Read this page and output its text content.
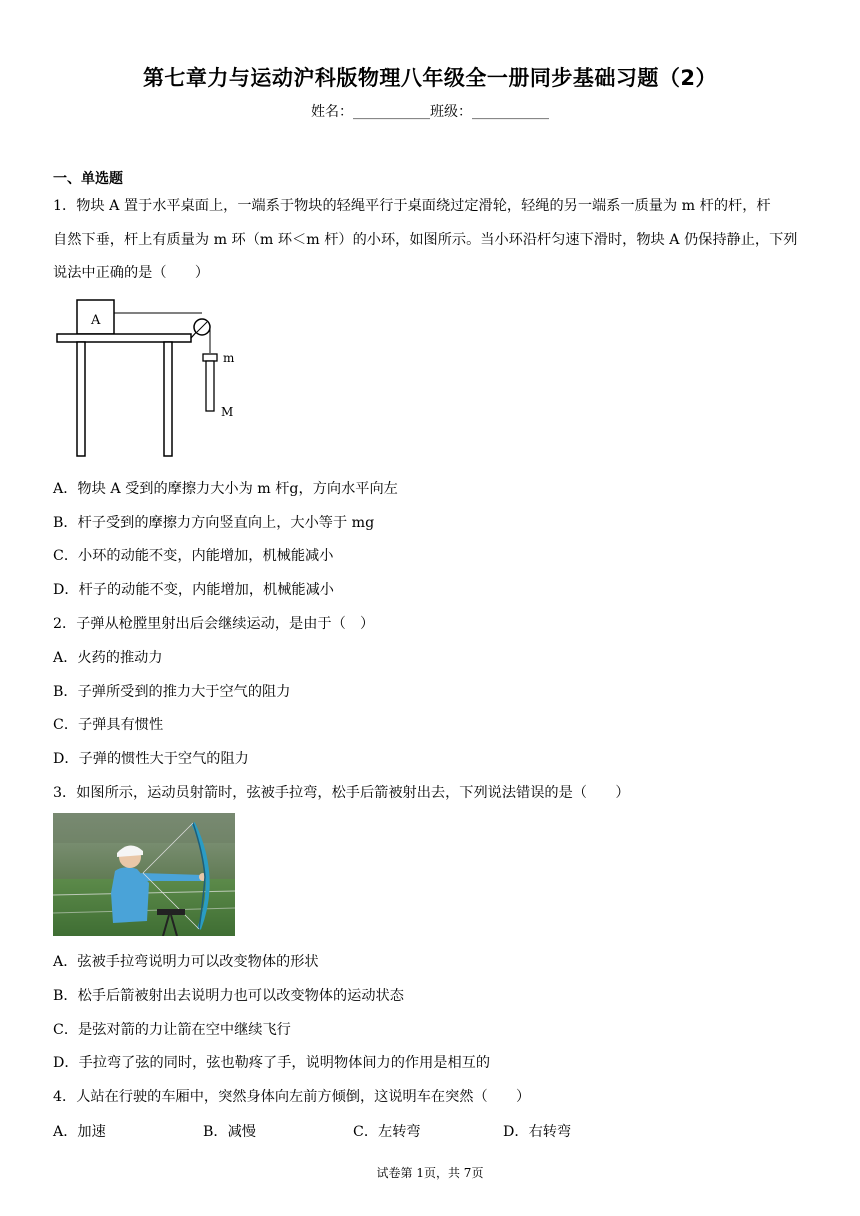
第七章力与运动沪科版物理八年级全一册同步基础习题（2）
姓名：___________班级：___________
一、单选题
1．物块 A 置于水平桌面上，一端系于物块的轻绳平行于桌面绕过定滑轮，轻绳的另一端系一质量为 m 杆的杆，杆
自然下垂，杆上有质量为 m 环（m 环＜m 杆）的小环，如图所示。当小环沿杆匀速下滑时，物块 A 仍保持静止，下列
说法中正确的是（　　）
A
m
M
A．物块 A 受到的摩擦力大小为 m 杆g，方向水平向左
B．杆子受到的摩擦力方向竖直向上，大小等于 mg
C．小环的动能不变，内能增加，机械能减小
D．杆子的动能不变，内能增加，机械能减小
2．子弹从枪膛里射出后会继续运动，是由于（　）
A．火药的推动力
B．子弹所受到的推力大于空气的阻力
C．子弹具有惯性
D．子弹的惯性大于空气的阻力
3．如图所示，运动员射箭时，弦被手拉弯，松手后箭被射出去，下列说法错误的是（　　）
A．弦被手拉弯说明力可以改变物体的形状
B．松手后箭被射出去说明力也可以改变物体的运动状态
C．是弦对箭的力让箭在空中继续飞行
D．手拉弯了弦的同时，弦也勒疼了手，说明物体间力的作用是相互的
4．人站在行驶的车厢中，突然身体向左前方倾倒，这说明车在突然（　　）
A．加速	B．减慢	C．左转弯	D．右转弯
试卷第 1页，共 7页
